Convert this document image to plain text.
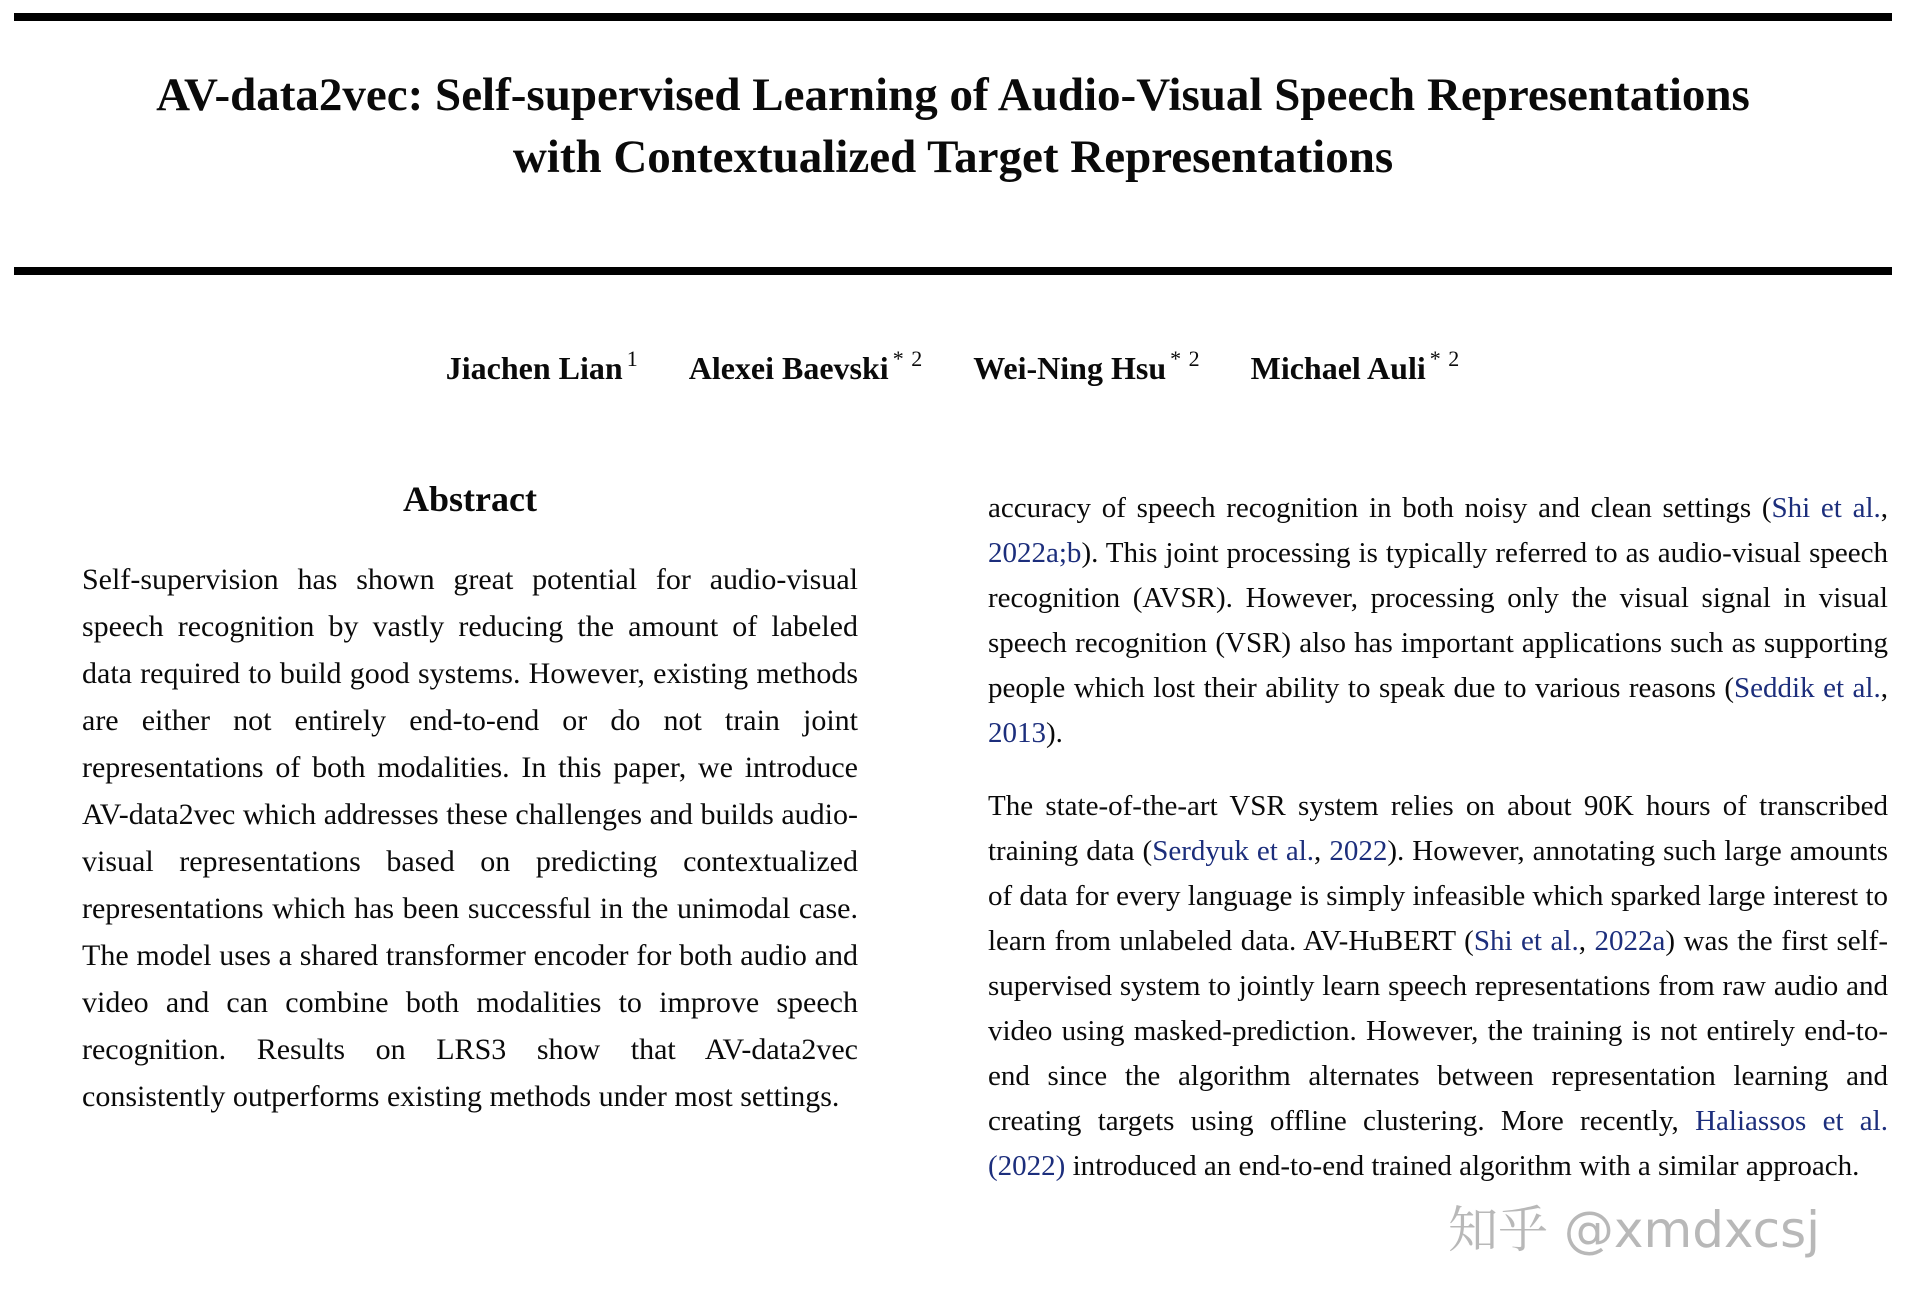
AV-data2vec: Self-supervised Learning of Audio-Visual Speech Representations
with Contextualized Target Representations
Jiachen Lian $^1$ Alexei Baevski $^{* 2}$ Wei-Ning Hsu $^{* 2}$ Michael Auli $^{* 2}$
Abstract

Self-supervision has shown great potential for audio-visual speech recognition by vastly reducing the amount of labeled data required to build good systems. However, existing methods are either not entirely end-to-end or do not train joint representations of both modalities. In this paper, we introduce AV-data2vec which addresses these challenges and builds audio-visual representations based on predicting contextualized representations which has been successful in the unimodal case. The model uses a shared transformer encoder for both audio and video and can combine both modalities to improve speech recognition. Results on LRS3 show that AV-data2vec consistently outperforms existing methods under most settings.

accuracy of speech recognition in both noisy and clean settings (Shi et al., 2022a;b). This joint processing is typically referred to as audio-visual speech recognition (AVSR). However, processing only the visual signal in visual speech recognition (VSR) also has important applications such as supporting people which lost their ability to speak due to various reasons (Seddik et al., 2013).

The state-of-the-art VSR system relies on about 90K hours of transcribed training data (Serdyuk et al., 2022). However, annotating such large amounts of data for every language is simply infeasible which sparked large interest to learn from unlabeled data. AV-HuBERT (Shi et al., 2022a) was the first self-supervised system to jointly learn speech representations from raw audio and video using masked-prediction. However, the training is not entirely end-to-end since the algorithm alternates between representation learning and creating targets using offline clustering. More recently, Haliassos et al. (2022) introduced an end-to-end trained algorithm with a similar approach.

知乎 @xmdxcsj
